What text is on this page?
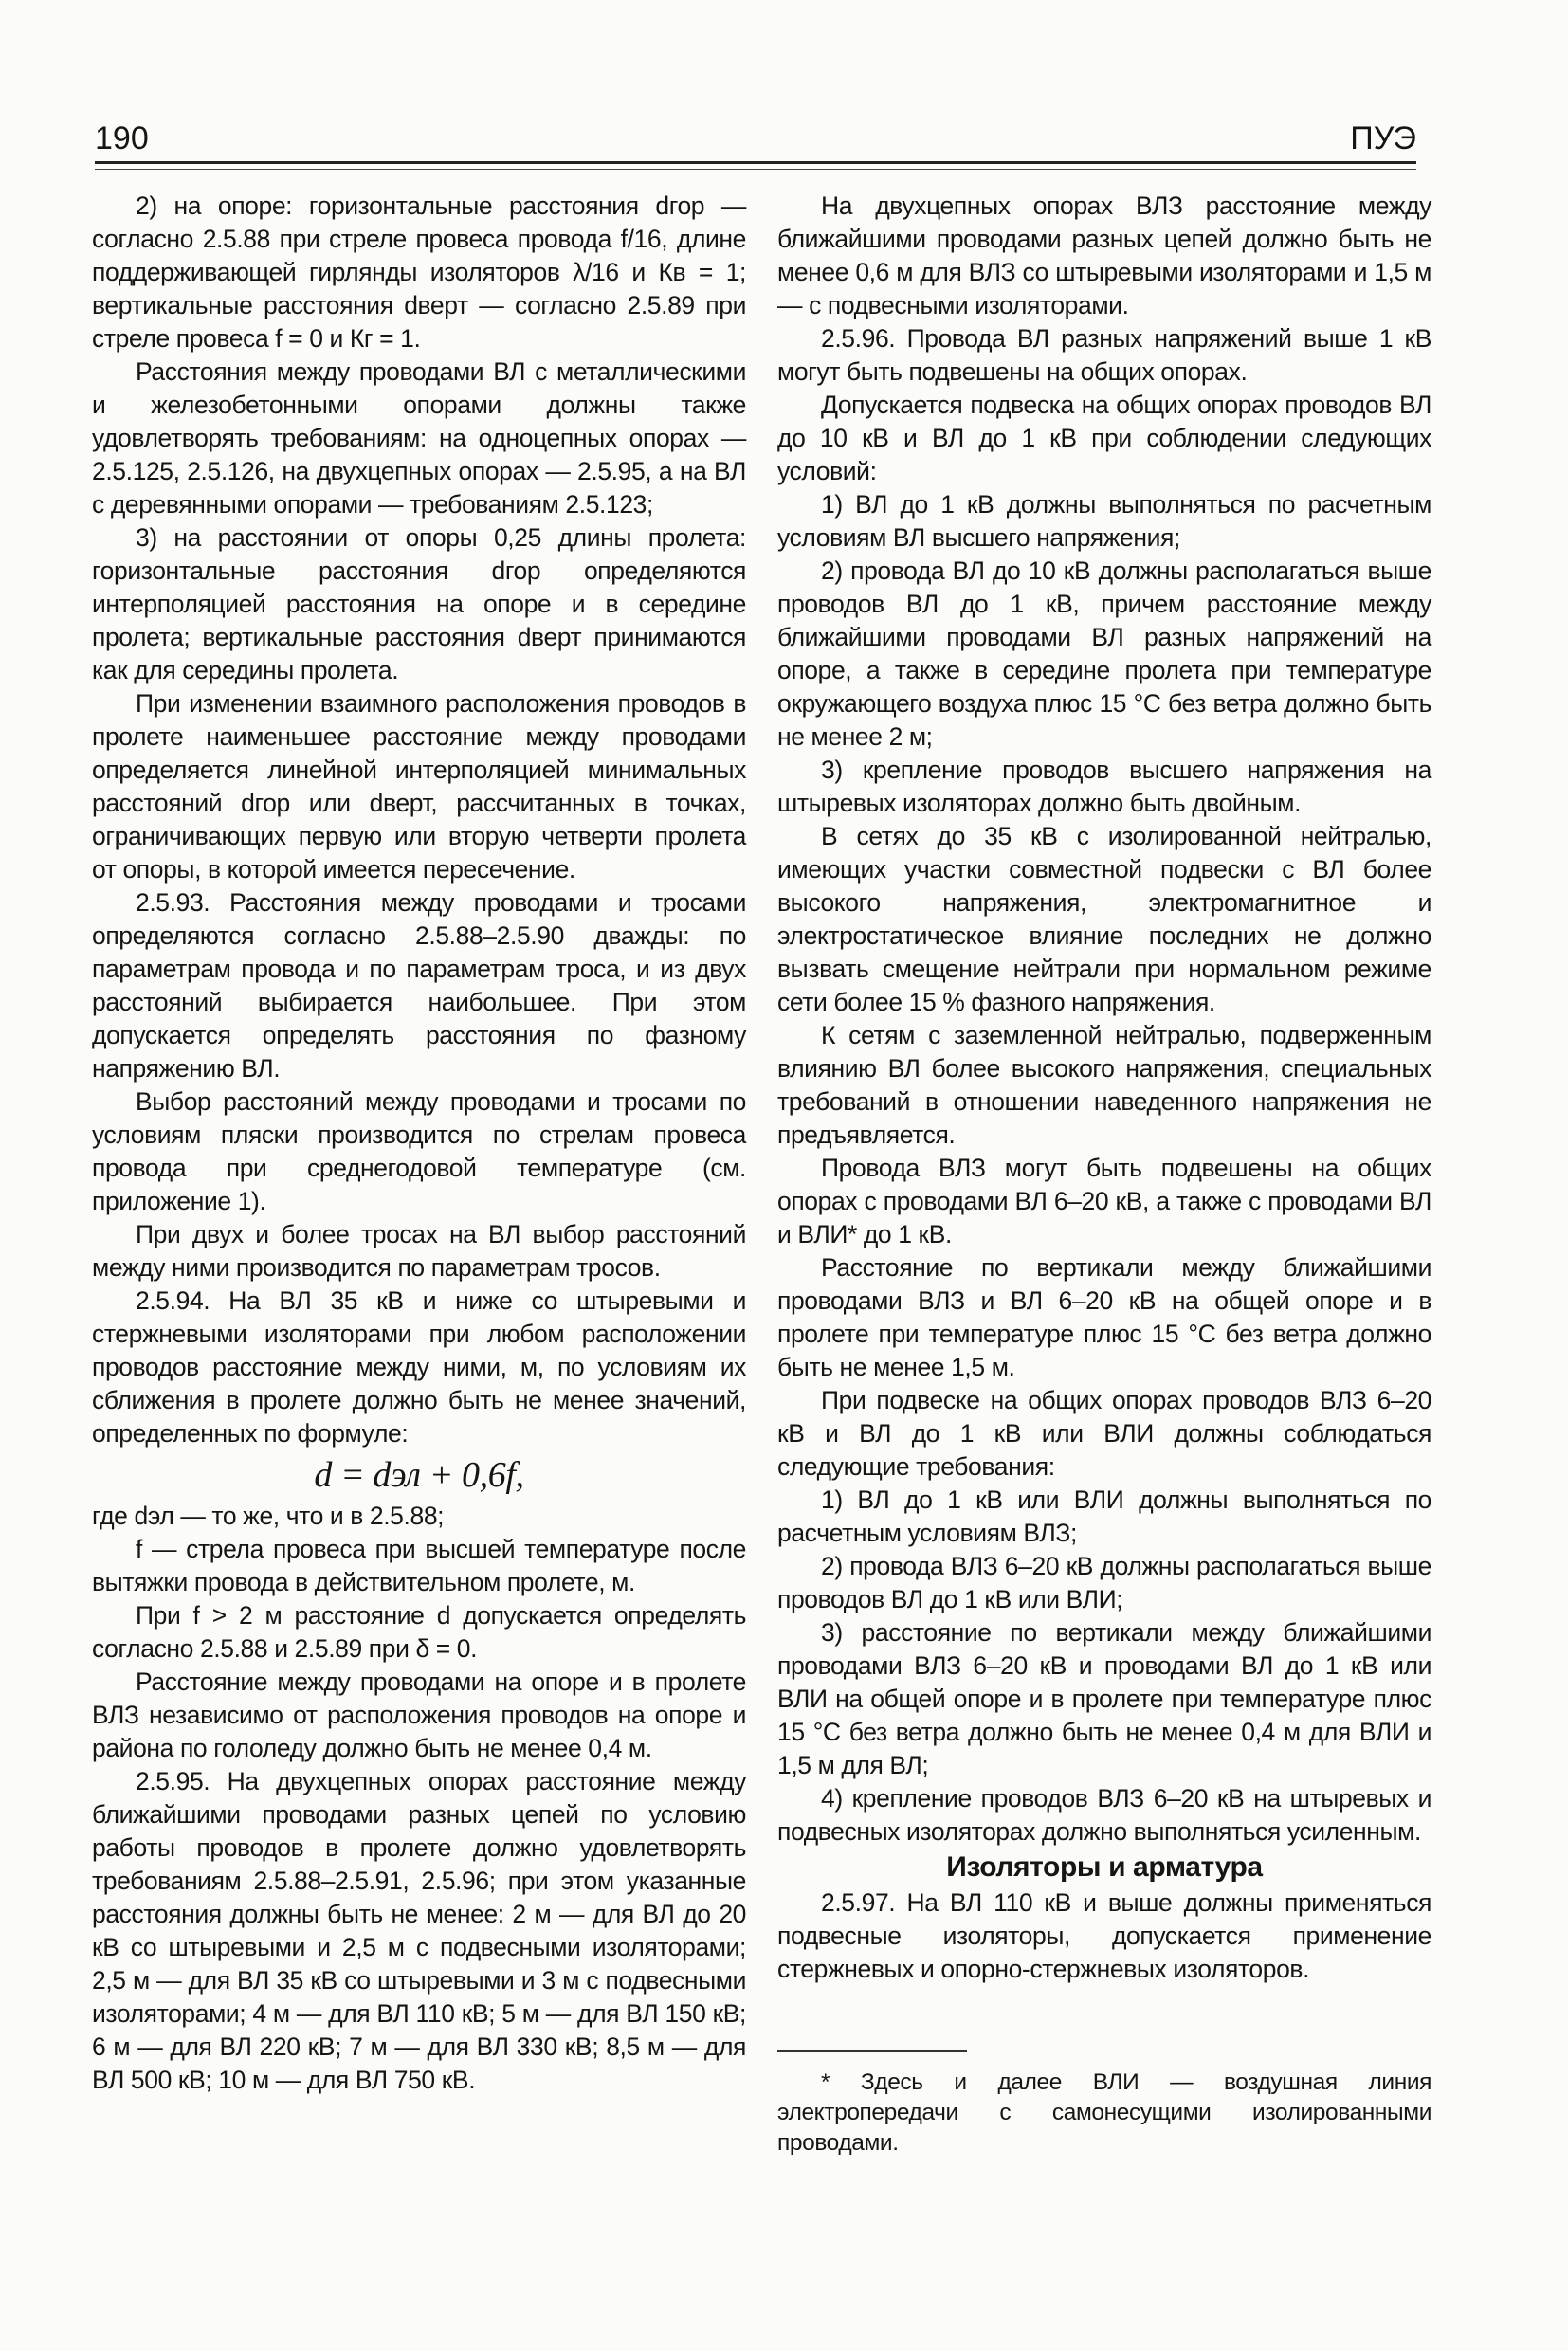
190	ПУЭ

2) на опоре: горизонтальные расстояния dгор — согласно 2.5.88 при стреле провеса провода f/16, длине поддерживающей гирлянды изоляторов λ/16 и Кв = 1; вертикальные расстояния dверт — согласно 2.5.89 при стреле провеса f = 0 и Кг = 1.

Расстояния между проводами ВЛ с металлическими и железобетонными опорами должны также удовлетворять требованиям: на одноцепных опорах — 2.5.125, 2.5.126, на двухцепных опорах — 2.5.95, а на ВЛ с деревянными опорами — требованиям 2.5.123;

3) на расстоянии от опоры 0,25 длины пролета: горизонтальные расстояния dгор определяются интерполяцией расстояния на опоре и в середине пролета; вертикальные расстояния dверт принимаются как для середины пролета.

При изменении взаимного расположения проводов в пролете наименьшее расстояние между проводами определяется линейной интерполяцией минимальных расстояний dгор или dверт, рассчитанных в точках, ограничивающих первую или вторую четверти пролета от опоры, в которой имеется пересечение.

2.5.93. Расстояния между проводами и тросами определяются согласно 2.5.88–2.5.90 дважды: по параметрам провода и по параметрам троса, и из двух расстояний выбирается наибольшее. При этом допускается определять расстояния по фазному напряжению ВЛ.

Выбор расстояний между проводами и тросами по условиям пляски производится по стрелам провеса провода при среднегодовой температуре (см. приложение 1).

При двух и более тросах на ВЛ выбор расстояний между ними производится по параметрам тросов.

2.5.94. На ВЛ 35 кВ и ниже со штыревыми и стержневыми изоляторами при любом расположении проводов расстояние между ними, м, по условиям их сближения в пролете должно быть не менее значений, определенных по формуле:

d = dэл + 0,6f,

где dэл — то же, что и в 2.5.88;

f — стрела провеса при высшей температуре после вытяжки провода в действительном пролете, м.

При f > 2 м расстояние d допускается определять согласно 2.5.88 и 2.5.89 при δ = 0.

Расстояние между проводами на опоре и в пролете ВЛЗ независимо от расположения проводов на опоре и района по гололеду должно быть не менее 0,4 м.

2.5.95. На двухцепных опорах расстояние между ближайшими проводами разных цепей по условию работы проводов в пролете должно удовлетворять требованиям 2.5.88–2.5.91, 2.5.96; при этом указанные расстояния должны быть не менее: 2 м — для ВЛ до 20 кВ со штыревыми и 2,5 м с подвесными изоляторами; 2,5 м — для ВЛ 35 кВ со штыревыми и 3 м с подвесными изоляторами; 4 м — для ВЛ 110 кВ; 5 м — для ВЛ 150 кВ; 6 м — для ВЛ 220 кВ; 7 м — для ВЛ 330 кВ; 8,5 м — для ВЛ 500 кВ; 10 м — для ВЛ 750 кВ.

На двухцепных опорах ВЛЗ расстояние между ближайшими проводами разных цепей должно быть не менее 0,6 м для ВЛЗ со штыревыми изоляторами и 1,5 м — с подвесными изоляторами.

2.5.96. Провода ВЛ разных напряжений выше 1 кВ могут быть подвешены на общих опорах.

Допускается подвеска на общих опорах проводов ВЛ до 10 кВ и ВЛ до 1 кВ при соблюдении следующих условий:

1) ВЛ до 1 кВ должны выполняться по расчетным условиям ВЛ высшего напряжения;

2) провода ВЛ до 10 кВ должны располагаться выше проводов ВЛ до 1 кВ, причем расстояние между ближайшими проводами ВЛ разных напряжений на опоре, а также в середине пролета при температуре окружающего воздуха плюс 15 °С без ветра должно быть не менее 2 м;

3) крепление проводов высшего напряжения на штыревых изоляторах должно быть двойным.

В сетях до 35 кВ с изолированной нейтралью, имеющих участки совместной подвески с ВЛ более высокого напряжения, электромагнитное и электростатическое влияние последних не должно вызвать смещение нейтрали при нормальном режиме сети более 15 % фазного напряжения.

К сетям с заземленной нейтралью, подверженным влиянию ВЛ более высокого напряжения, специальных требований в отношении наведенного напряжения не предъявляется.

Провода ВЛЗ могут быть подвешены на общих опорах с проводами ВЛ 6–20 кВ, а также с проводами ВЛ и ВЛИ* до 1 кВ.

Расстояние по вертикали между ближайшими проводами ВЛЗ и ВЛ 6–20 кВ на общей опоре и в пролете при температуре плюс 15 °С без ветра должно быть не менее 1,5 м.

При подвеске на общих опорах проводов ВЛЗ 6–20 кВ и ВЛ до 1 кВ или ВЛИ должны соблюдаться следующие требования:

1) ВЛ до 1 кВ или ВЛИ должны выполняться по расчетным условиям ВЛЗ;

2) провода ВЛЗ 6–20 кВ должны располагаться выше проводов ВЛ до 1 кВ или ВЛИ;

3) расстояние по вертикали между ближайшими проводами ВЛЗ 6–20 кВ и проводами ВЛ до 1 кВ или ВЛИ на общей опоре и в пролете при температуре плюс 15 °С без ветра должно быть не менее 0,4 м для ВЛИ и 1,5 м для ВЛ;

4) крепление проводов ВЛЗ 6–20 кВ на штыревых и подвесных изоляторах должно выполняться усиленным.

Изоляторы и арматура

2.5.97. На ВЛ 110 кВ и выше должны применяться подвесные изоляторы, допускается применение стержневых и опорно-стержневых изоляторов.

* Здесь и далее ВЛИ — воздушная линия электропередачи с самонесущими изолированными проводами.
